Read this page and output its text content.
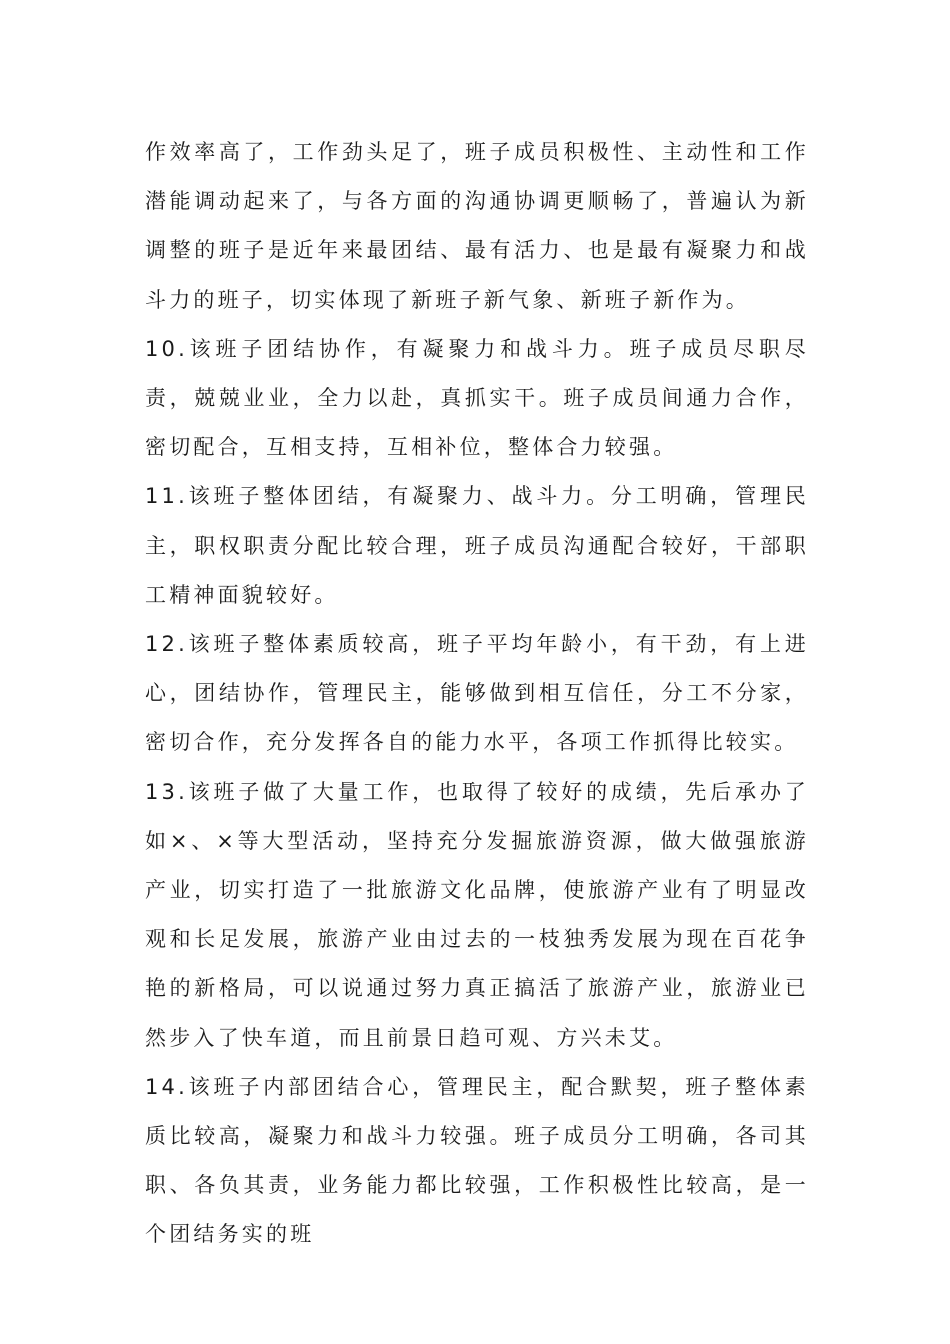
作效率高了，工作劲头足了，班子成员积极性、主动性和工作潜能调动起来了，与各方面的沟通协调更顺畅了，普遍认为新调整的班子是近年来最团结、最有活力、也是最有凝聚力和战斗力的班子，切实体现了新班子新气象、新班子新作为。

10.该班子团结协作，有凝聚力和战斗力。班子成员尽职尽责，兢兢业业，全力以赴，真抓实干。班子成员间通力合作，密切配合，互相支持，互相补位，整体合力较强。

11.该班子整体团结，有凝聚力、战斗力。分工明确，管理民主，职权职责分配比较合理，班子成员沟通配合较好，干部职工精神面貌较好。

12.该班子整体素质较高，班子平均年龄小，有干劲，有上进心，团结协作，管理民主，能够做到相互信任，分工不分家，密切合作，充分发挥各自的能力水平，各项工作抓得比较实。

13.该班子做了大量工作，也取得了较好的成绩，先后承办了如×、×等大型活动，坚持充分发掘旅游资源，做大做强旅游产业，切实打造了一批旅游文化品牌，使旅游产业有了明显改观和长足发展，旅游产业由过去的一枝独秀发展为现在百花争艳的新格局，可以说通过努力真正搞活了旅游产业，旅游业已然步入了快车道，而且前景日趋可观、方兴未艾。

14.该班子内部团结合心，管理民主，配合默契，班子整体素质比较高，凝聚力和战斗力较强。班子成员分工明确，各司其职、各负其责，业务能力都比较强，工作积极性比较高，是一个团结务实的班
